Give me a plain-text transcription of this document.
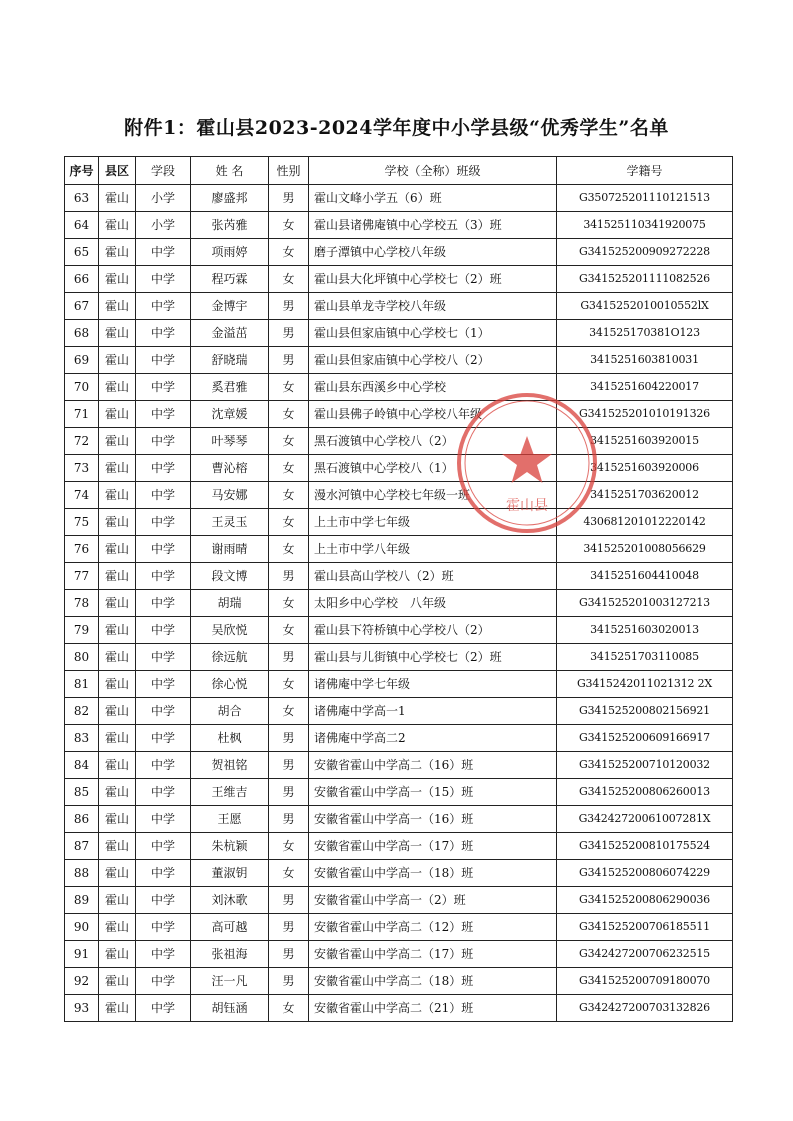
附件1：霍山县2023-2024学年度中小学县级“优秀学生”名单
序号	县区	学段	姓 名	性别	学校（全称）班级	学籍号
63	霍山	小学	廖盛邦	男	霍山文峰小学五（6）班	G350725201110121513
64	霍山	小学	张芮雅	女	霍山县诸佛庵镇中心学校五（3）班	341525110341920075
65	霍山	中学	项雨婷	女	磨子潭镇中心学校八年级	G341525200909272228
66	霍山	中学	程巧霖	女	霍山县大化坪镇中心学校七（2）班	G341525201111082526
67	霍山	中学	金博宇	男	霍山县单龙寺学校八年级	G3415252010010552lX
68	霍山	中学	金溢茁	男	霍山县但家庙镇中心学校七（1）	341525170381O123
69	霍山	中学	舒晓瑞	男	霍山县但家庙镇中心学校八（2）	3415251603810031
70	霍山	中学	奚君雅	女	霍山县东西溪乡中心学校	3415251604220017
71	霍山	中学	沈章媛	女	霍山县佛子岭镇中心学校八年级	G341525201010191326
72	霍山	中学	叶琴琴	女	黑石渡镇中心学校八（2）	3415251603920015
73	霍山	中学	曹沁榕	女	黑石渡镇中心学校八（1）	3415251603920006
74	霍山	中学	马安娜	女	漫水河镇中心学校七年级一班	3415251703620012
75	霍山	中学	王灵玉	女	上土市中学七年级	430681201012220142
76	霍山	中学	谢雨晴	女	上土市中学八年级	341525201008056629
77	霍山	中学	段文博	男	霍山县高山学校八（2）班	3415251604410048
78	霍山	中学	胡瑞	女	太阳乡中心学校　八年级	G341525201003127213
79	霍山	中学	吴欣悦	女	霍山县下符桥镇中心学校八（2）	3415251603020013
80	霍山	中学	徐远航	男	霍山县与儿街镇中心学校七（2）班	3415251703110085
81	霍山	中学	徐心悦	女	诸佛庵中学七年级	G3415242011021312 2X
82	霍山	中学	胡合	女	诸佛庵中学高一1	G341525200802156921
83	霍山	中学	杜枫	男	诸佛庵中学高二2	G341525200609166917
84	霍山	中学	贺祖铭	男	安徽省霍山中学高二（16）班	G341525200710120032
85	霍山	中学	王维吉	男	安徽省霍山中学高一（15）班	G341525200806260013
86	霍山	中学	王愿	男	安徽省霍山中学高一（16）班	G34242720061007281X
87	霍山	中学	朱杭颖	女	安徽省霍山中学高一（17）班	G341525200810175524
88	霍山	中学	董淑钥	女	安徽省霍山中学高一（18）班	G341525200806074229
89	霍山	中学	刘沐歌	男	安徽省霍山中学高一（2）班	G341525200806290036
90	霍山	中学	高可越	男	安徽省霍山中学高二（12）班	G341525200706185511
91	霍山	中学	张祖海	男	安徽省霍山中学高二（17）班	G342427200706232515
92	霍山	中学	汪一凡	男	安徽省霍山中学高二（18）班	G341525200709180070
93	霍山	中学	胡钰涵	女	安徽省霍山中学高二（21）班	G342427200703132826
霍山县
